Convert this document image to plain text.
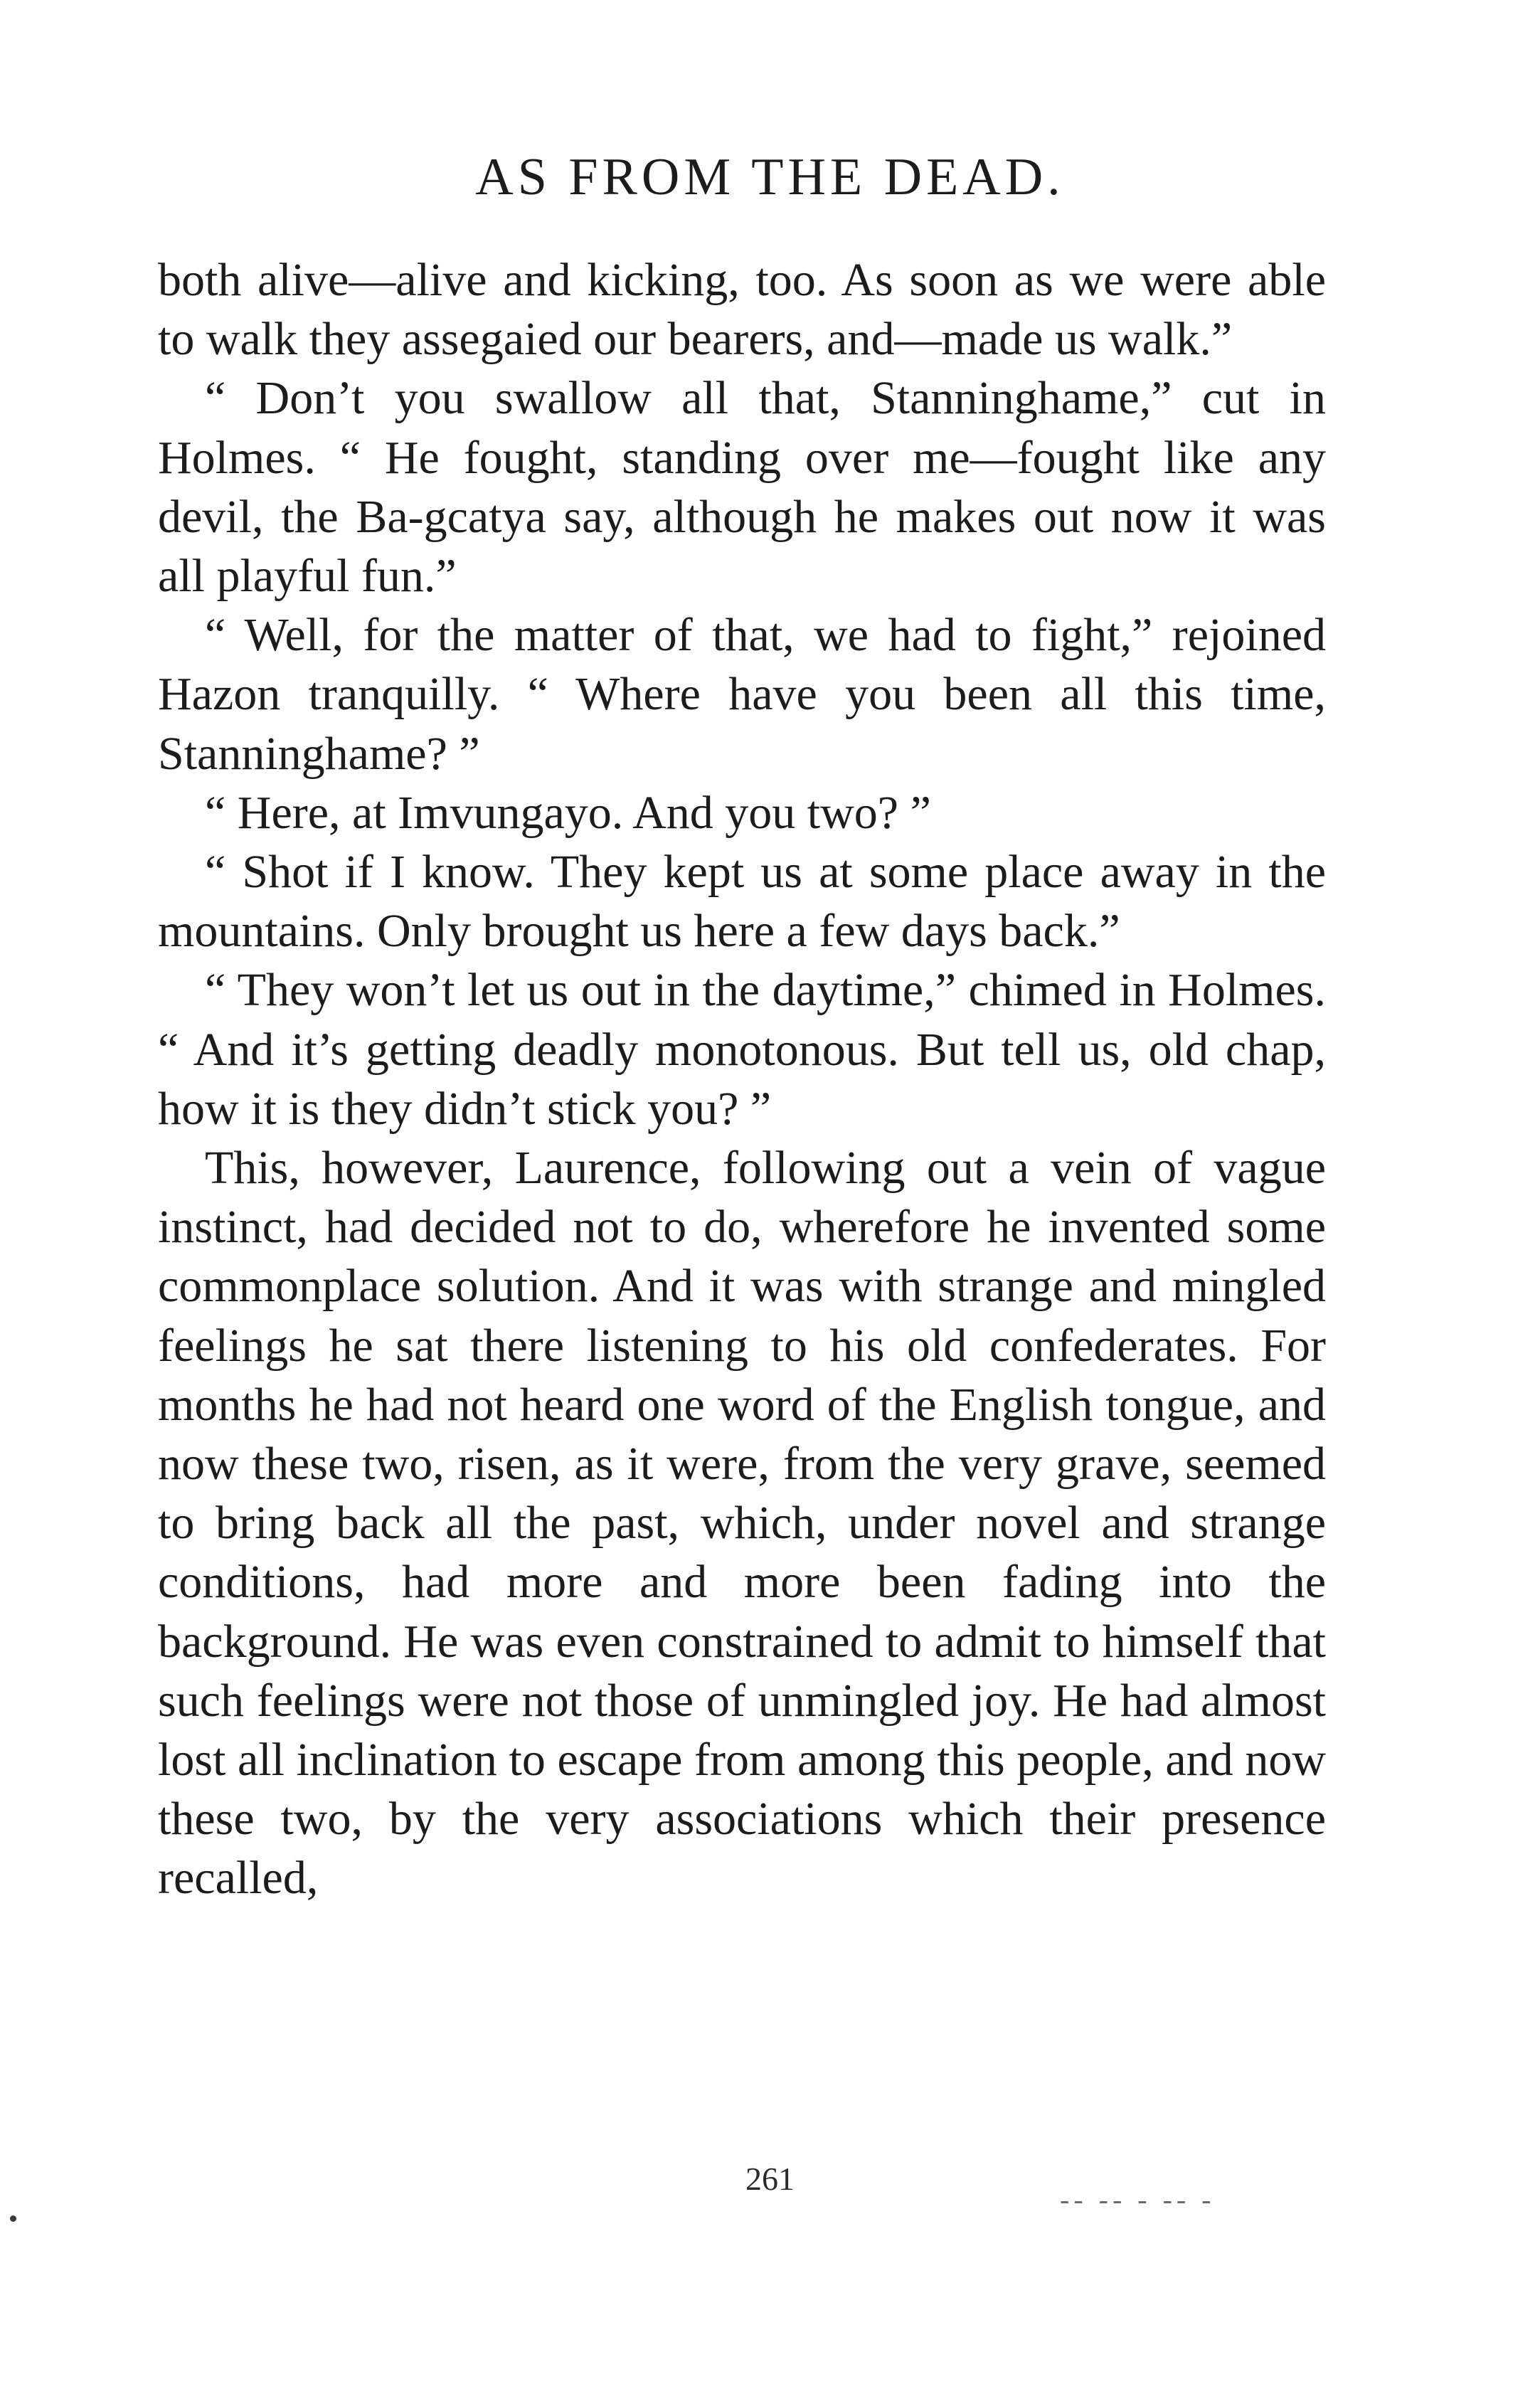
AS FROM THE DEAD.

both alive—alive and kicking, too. As soon as we were able to walk they assegaied our bearers, and—made us walk.”

“ Don’t you swallow all that, Stanninghame,” cut in Holmes. “ He fought, standing over me—fought like any devil, the Ba-gcatya say, although he makes out now it was all playful fun.”

“ Well, for the matter of that, we had to fight,” rejoined Hazon tranquilly. “ Where have you been all this time, Stanninghame? ”

“ Here, at Imvungayo. And you two? ”

“ Shot if I know. They kept us at some place away in the mountains. Only brought us here a few days back.”

“ They won’t let us out in the daytime,” chimed in Holmes. “ And it’s getting deadly monotonous. But tell us, old chap, how it is they didn’t stick you? ”

This, however, Laurence, following out a vein of vague instinct, had decided not to do, wherefore he invented some commonplace solution. And it was with strange and mingled feelings he sat there listening to his old confederates. For months he had not heard one word of the English tongue, and now these two, risen, as it were, from the very grave, seemed to bring back all the past, which, under novel and strange conditions, had more and more been fading into the background. He was even constrained to admit to himself that such feelings were not those of unmingled joy. He had almost lost all inclination to escape from among this people, and now these two, by the very associations which their presence recalled,

261
-- -- - -- -
